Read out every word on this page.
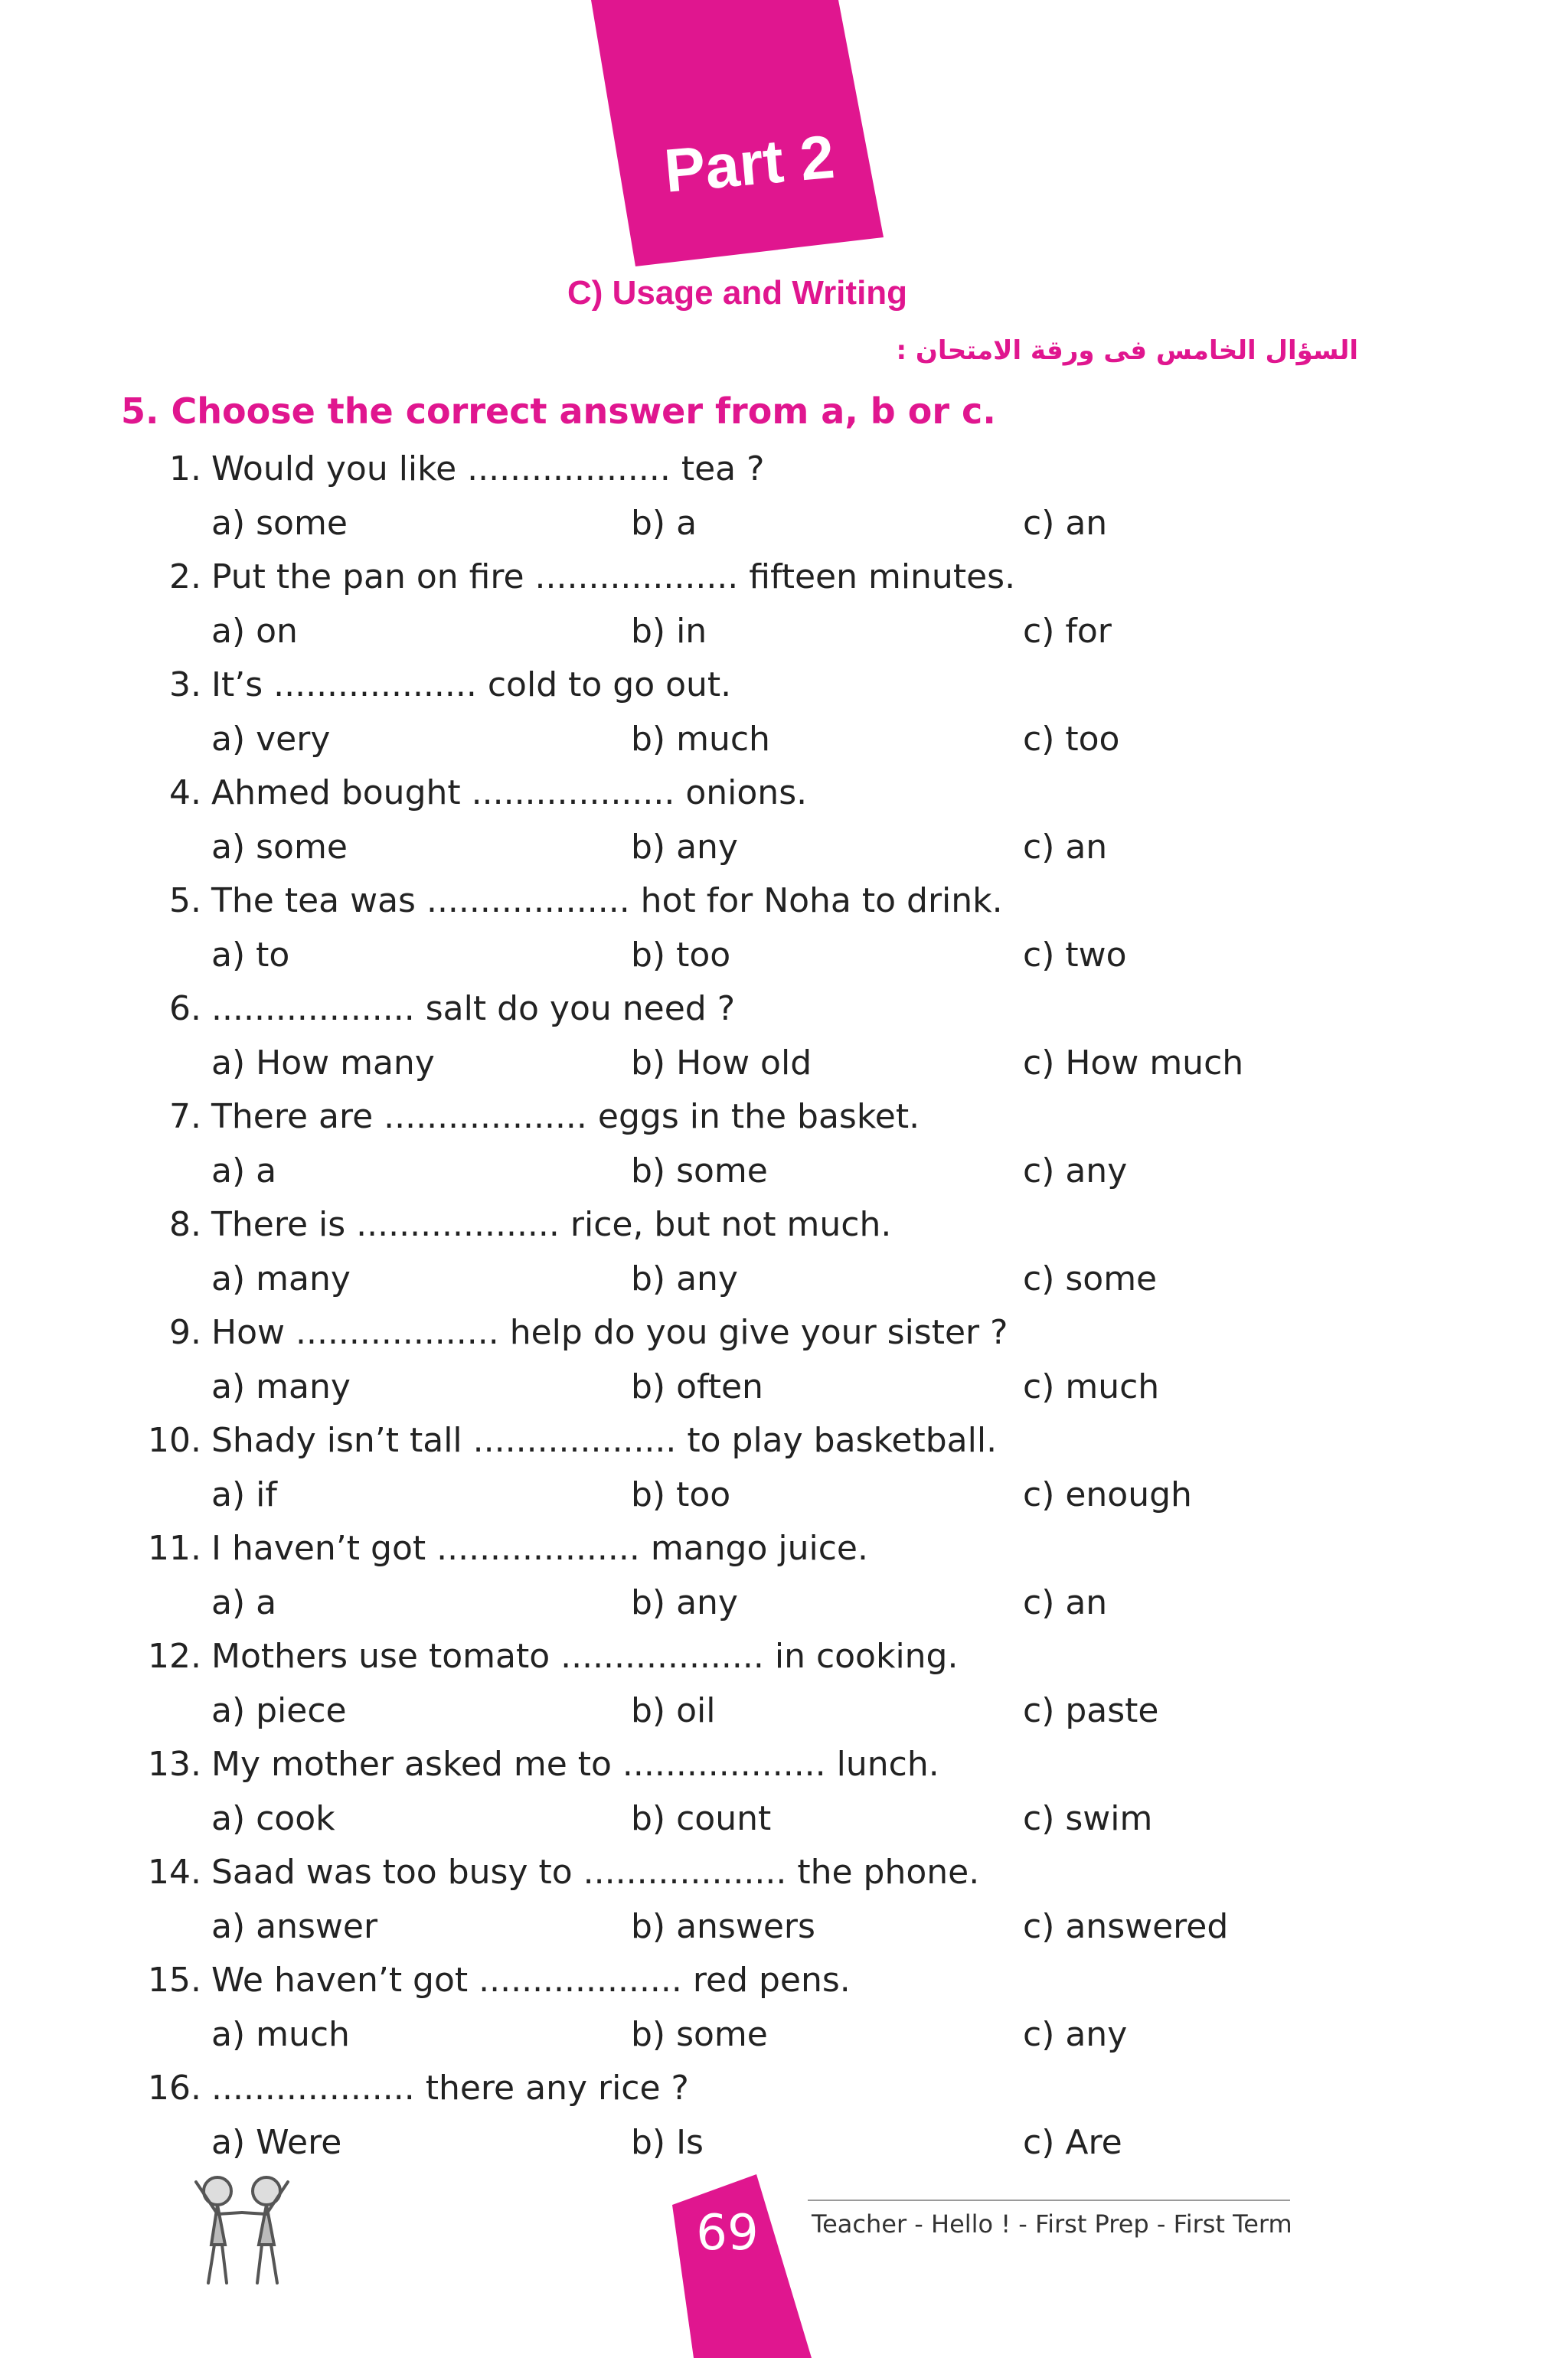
Part 2
C) Usage and Writing
السؤال الخامس فى ورقة الامتحان :
5. Choose the correct answer from a, b or c.
1. Would you like ................... tea ?
a) some	b) a	c) an
2. Put the pan on fire ................... fifteen minutes.
a) on	b) in	c) for
3. It’s ................... cold to go out.
a) very	b) much	c) too
4. Ahmed bought ................... onions.
a) some	b) any	c) an
5. The tea was ................... hot for Noha to drink.
a) to	b) too	c) two
6. ................... salt do you need ?
a) How many	b) How old	c) How much
7. There are ................... eggs in the basket.
a) a	b) some	c) any
8. There is ................... rice, but not much.
a) many	b) any	c) some
9. How ................... help do you give your sister ?
a) many	b) often	c) much
10. Shady isn’t tall ................... to play basketball.
a) if	b) too	c) enough
11. I haven’t got ................... mango juice.
a) a	b) any	c) an
12. Mothers use tomato ................... in cooking.
a) piece	b) oil	c) paste
13. My mother asked me to ................... lunch.
a) cook	b) count	c) swim
14. Saad was too busy to ................... the phone.
a) answer	b) answers	c) answered
15. We haven’t got ................... red pens.
a) much	b) some	c) any
16. ................... there any rice ?
a) Were	b) Is	c) Are
Teacher - Hello ! - First Prep - First Term
69
